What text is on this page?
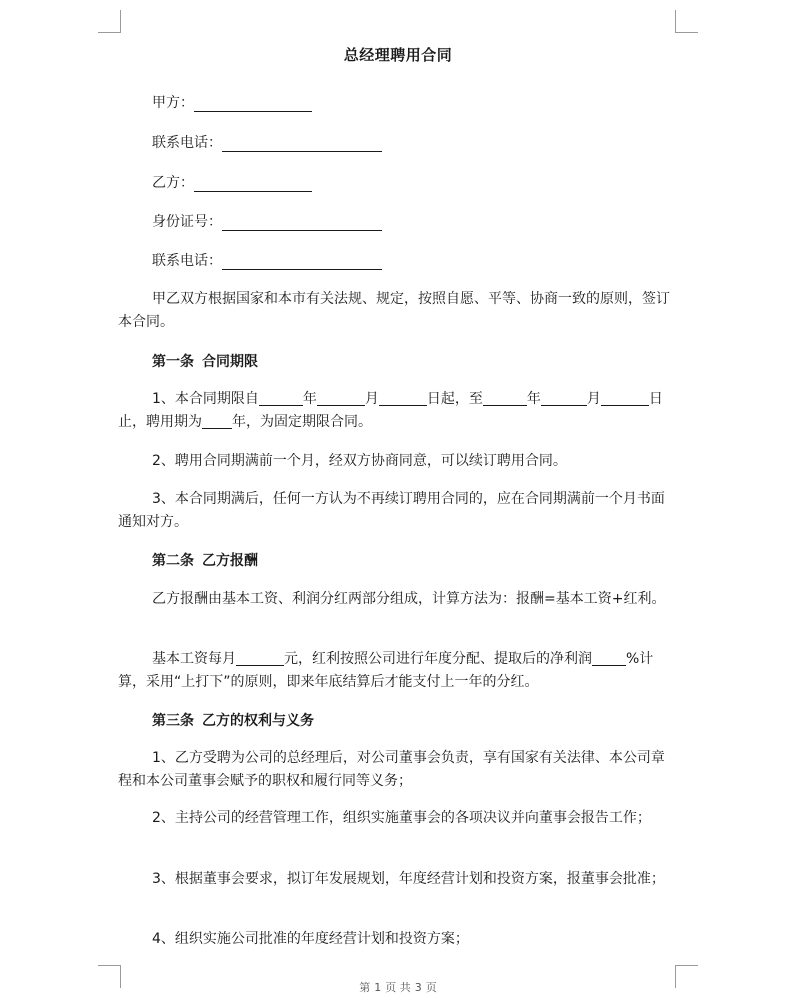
总经理聘用合同
甲方：
联系电话：
乙方：
身份证号：
联系电话：
甲乙双方根据国家和本市有关法规、规定，按照自愿、平等、协商一致的原则，签订本合同。
第一条 合同期限
1、本合同期限自	年	月	日起，至	年	月	日止，聘用期为 年，为固定期限合同。
2、聘用合同期满前一个月，经双方协商同意，可以续订聘用合同。
3、本合同期满后，任何一方认为不再续订聘用合同的，应在合同期满前一个月书面通知对方。
第二条 乙方报酬
乙方报酬由基本工资、利润分红两部分组成，计算方法为：报酬=基本工资+红利。
基本工资每月	元，红利按照公司进行年度分配、提取后的净利润 %计算，采用“上打下”的原则，即来年底结算后才能支付上一年的分红。
第三条 乙方的权利与义务
1、乙方受聘为公司的总经理后，对公司董事会负责，享有国家有关法律、本公司章程和本公司董事会赋予的职权和履行同等义务；
2、主持公司的经营管理工作，组织实施董事会的各项决议并向董事会报告工作；
3、根据董事会要求，拟订年发展规划，年度经营计划和投资方案，报董事会批准；
4、组织实施公司批准的年度经营计划和投资方案；
第 1 页 共 3 页
